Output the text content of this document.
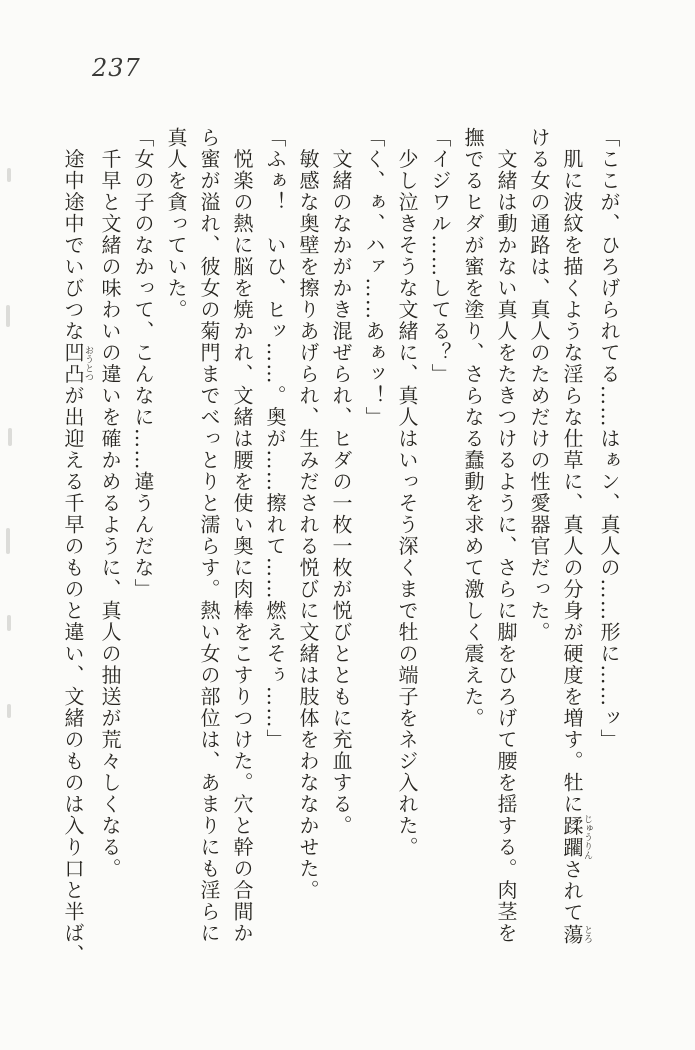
237
「ここが、ひろげられてる……はぁン、真人の……形に……ッ」
　肌に波紋を描くような淫らな仕草に、真人の分身が硬度を増す。牡に蹂躙じゅうりんされて蕩とろ
ける女の通路は、真人のためだけの性愛器官だった。
　文緒は動かない真人をたきつけるように、さらに脚をひろげて腰を揺する。肉茎を
撫でるヒダが蜜を塗り、さらなる蠢動を求めて激しく震えた。
「イジワル……してる？」
　少し泣きそうな文緒に、真人はいっそう深くまで牡の端子をネジ入れた。
「く、ぁ、ハァ……あぁッ！」
　文緒のなかがかき混ぜられ、ヒダの一枚一枚が悦びとともに充血する。
　敏感な奥壁を擦りあげられ、生みだされる悦びに文緒は肢体をわななかせた。
「ふぁ！　いひ、ヒッ……。奥が……擦れて……燃えそぅ……」
　悦楽の熱に脳を焼かれ、文緒は腰を使い奥に肉棒をこすりつけた。穴と幹の合間か
ら蜜が溢れ、彼女の菊門までべっとりと濡らす。熱い女の部位は、あまりにも淫らに
真人を貪っていた。
「女の子のなかって、こんなに……違うんだな」
　千早と文緒の味わいの違いを確かめるように、真人の抽送が荒々しくなる。
　途中途中でいびつな凹凸おうとつが出迎える千早のものと違い、文緒のものは入り口と半ば、
